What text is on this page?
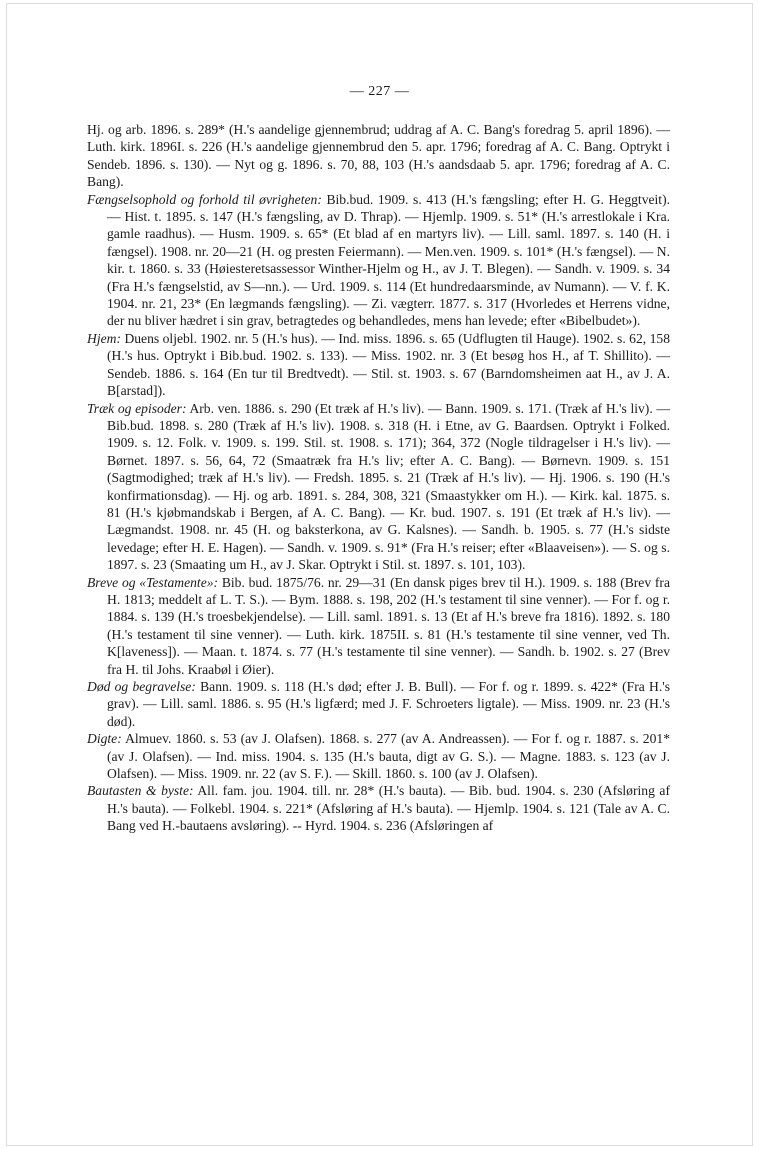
— 227 —

Hj. og arb. 1896. s. 289* (H.'s aandelige gjennembrud; uddrag af A. C. Bang's foredrag 5. april 1896). — Luth. kirk. 1896I. s. 226 (H.'s aandelige gjennembrud den 5. apr. 1796; foredrag af A. C. Bang. Optrykt i Sendeb. 1896. s. 130). — Nyt og g. 1896. s. 70, 88, 103 (H.'s aandsdaab 5. apr. 1796; foredrag af A. C. Bang).

Fængselsophold og forhold til øvrigheten: Bib.bud. 1909. s. 413 (H.'s fængsling; efter H. G. Heggtveit). — Hist. t. 1895. s. 147 (H.'s fængsling, av D. Thrap). — Hjemlp. 1909. s. 51* (H.'s arrestlokale i Kra. gamle raadhus). — Husm. 1909. s. 65* (Et blad af en martyrs liv). — Lill. saml. 1897. s. 140 (H. i fængsel). 1908. nr. 20—21 (H. og presten Feiermann). — Men.ven. 1909. s. 101* (H.'s fængsel). — N. kir. t. 1860. s. 33 (Høiesteretsassessor Winther-Hjelm og H., av J. T. Blegen). — Sandh. v. 1909. s. 34 (Fra H.'s fængselstid, av S—nn.). — Urd. 1909. s. 114 (Et hundredaarsminde, av Numann). — V. f. K. 1904. nr. 21, 23* (En lægmands fængsling). — Zi. vægterr. 1877. s. 317 (Hvorledes et Herrens vidne, der nu bliver hædret i sin grav, betragtedes og behandledes, mens han levede; efter «Bibelbudet»).

Hjem: Duens oljebl. 1902. nr. 5 (H.'s hus). — Ind. miss. 1896. s. 65 (Udflugten til Hauge). 1902. s. 62, 158 (H.'s hus. Optrykt i Bib.bud. 1902. s. 133). — Miss. 1902. nr. 3 (Et besøg hos H., af T. Shillito). — Sendeb. 1886. s. 164 (En tur til Bredtvedt). — Stil. st. 1903. s. 67 (Barndomsheimen aat H., av J. A. B[arstad]).

Træk og episoder: Arb. ven. 1886. s. 290 (Et træk af H.'s liv). — Bann. 1909. s. 171. (Træk af H.'s liv). — Bib.bud. 1898. s. 280 (Træk af H.'s liv). 1908. s. 318 (H. i Etne, av G. Baardsen. Optrykt i Folked. 1909. s. 12. Folk. v. 1909. s. 199. Stil. st. 1908. s. 171); 364, 372 (Nogle tildragelser i H.'s liv). — Børnet. 1897. s. 56, 64, 72 (Smaatræk fra H.'s liv; efter A. C. Bang). — Børnevn. 1909. s. 151 (Sagtmodighed; træk af H.'s liv). — Fredsh. 1895. s. 21 (Træk af H.'s liv). — Hj. 1906. s. 190 (H.'s konfirmationsdag). — Hj. og arb. 1891. s. 284, 308, 321 (Smaastykker om H.). — Kirk. kal. 1875. s. 81 (H.'s kjøbmandskab i Bergen, af A. C. Bang). — Kr. bud. 1907. s. 191 (Et træk af H.'s liv). — Lægmandst. 1908. nr. 45 (H. og baksterkona, av G. Kalsnes). — Sandh. b. 1905. s. 77 (H.'s sidste levedage; efter H. E. Hagen). — Sandh. v. 1909. s. 91* (Fra H.'s reiser; efter «Blaaveisen»). — S. og s. 1897. s. 23 (Smaating um H., av J. Skar. Optrykt i Stil. st. 1897. s. 101, 103).

Breve og «Testamente»: Bib. bud. 1875/76. nr. 29—31 (En dansk piges brev til H.). 1909. s. 188 (Brev fra H. 1813; meddelt af L. T. S.). — Bym. 1888. s. 198, 202 (H.'s testament til sine venner). — For f. og r. 1884. s. 139 (H.'s troesbekjendelse). — Lill. saml. 1891. s. 13 (Et af H.'s breve fra 1816). 1892. s. 180 (H.'s testament til sine venner). — Luth. kirk. 1875II. s. 81 (H.'s testamente til sine venner, ved Th. K[laveness]). — Maan. t. 1874. s. 77 (H.'s testamente til sine venner). — Sandh. b. 1902. s. 27 (Brev fra H. til Johs. Kraabøl i Øier).

Død og begravelse: Bann. 1909. s. 118 (H.'s død; efter J. B. Bull). — For f. og r. 1899. s. 422* (Fra H.'s grav). — Lill. saml. 1886. s. 95 (H.'s ligfærd; med J. F. Schroeters ligtale). — Miss. 1909. nr. 23 (H.'s død).

Digte: Almuev. 1860. s. 53 (av J. Olafsen). 1868. s. 277 (av A. Andreassen). — For f. og r. 1887. s. 201* (av J. Olafsen). — Ind. miss. 1904. s. 135 (H.'s bauta, digt av G. S.). — Magne. 1883. s. 123 (av J. Olafsen). — Miss. 1909. nr. 22 (av S. F.). — Skill. 1860. s. 100 (av J. Olafsen).

Bautasten & byste: All. fam. jou. 1904. till. nr. 28* (H.'s bauta). — Bib. bud. 1904. s. 230 (Afsløring af H.'s bauta). — Folkebl. 1904. s. 221* (Afsløring af H.'s bauta). — Hjemlp. 1904. s. 121 (Tale av A. C. Bang ved H.-bautaens avsløring). -- Hyrd. 1904. s. 236 (Afsløringen af
